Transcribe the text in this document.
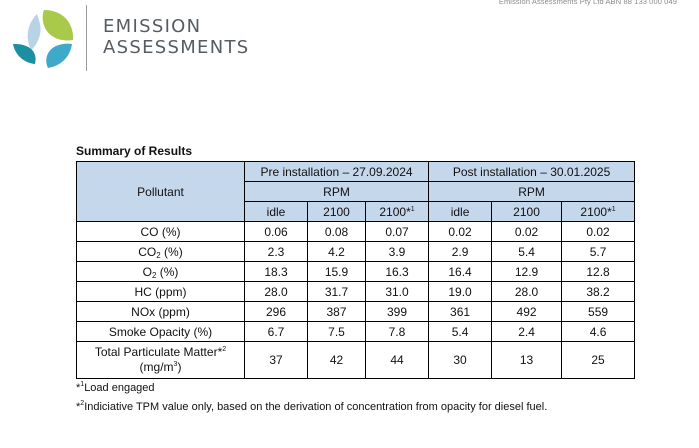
Emission Assessments Pty Ltd ABN 88 133 000 049
EMISSION
ASSESSMENTS
Summary of Results
Pollutant	Pre installation – 27.09.2024			Post installation – 30.01.2025		
	RPM			RPM		
	idle	2100	2100*$^1$	idle	2100	2100*$^1$
CO (%)	0.06	0.08	0.07	0.02	0.02	0.02
$CO_2$ (%)	2.3	4.2	3.9	2.9	5.4	5.7
$O_2$ (%)	18.3	15.9	16.3	16.4	12.9	12.8
HC (ppm)	28.0	31.7	31.0	19.0	28.0	38.2
NOx (ppm)	296	387	399	361	492	559
Smoke Opacity (%)	6.7	7.5	7.8	5.4	2.4	4.6
Total Particulate Matter*$^2$
$(mg/m^3)$	37	42	44	30	13	25
*$^1$Load engaged
*$^2$Indiciative TPM value only, based on the derivation of concentration from opacity for diesel fuel.
